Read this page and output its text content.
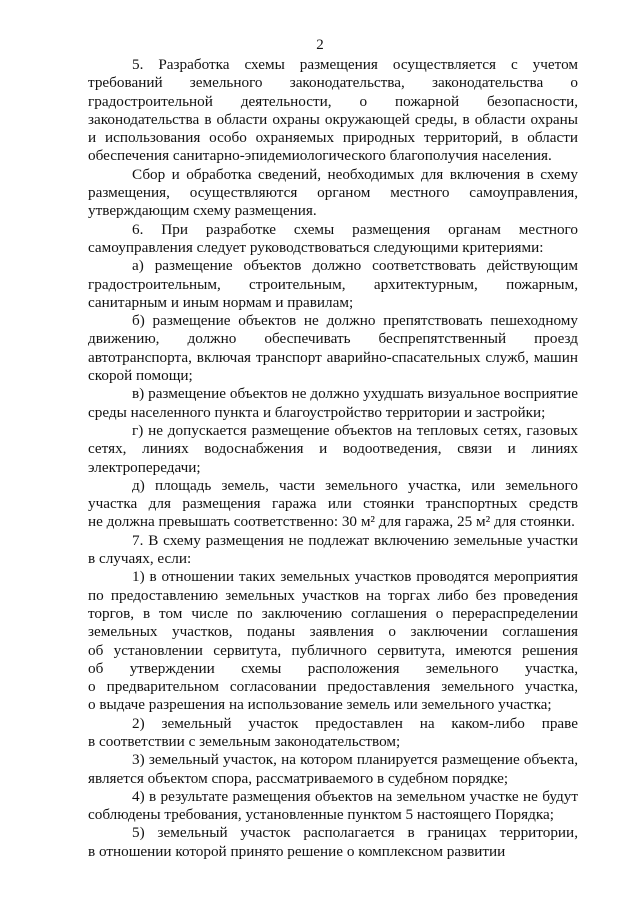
2
5. Разработка схемы размещения осуществляется с учетом
требований земельного законодательства, законодательства о
градостроительной деятельности, о пожарной безопасности,
законодательства в области охраны окружающей среды, в области охраны
и использования особо охраняемых природных территорий, в области
обеспечения санитарно-эпидемиологического благополучия населения.
Сбор и обработка сведений, необходимых для включения в схему
размещения, осуществляются органом местного самоуправления,
утверждающим схему размещения.
6. При разработке схемы размещения органам местного
самоуправления следует руководствоваться следующими критериями:
а) размещение объектов должно соответствовать действующим
градостроительным, строительным, архитектурным, пожарным,
санитарным и иным нормам и правилам;
б) размещение объектов не должно препятствовать пешеходному
движению, должно обеспечивать беспрепятственный проезд
автотранспорта, включая транспорт аварийно-спасательных служб, машин
скорой помощи;
в) размещение объектов не должно ухудшать визуальное восприятие
среды населенного пункта и благоустройство территории и застройки;
г) не допускается размещение объектов на тепловых сетях, газовых
сетях, линиях водоснабжения и водоотведения, связи и линиях
электропередачи;
д) площадь земель, части земельного участка, или земельного
участка для размещения гаража или стоянки транспортных средств
не должна превышать соответственно: 30 м² для гаража, 25 м² для стоянки.
7. В схему размещения не подлежат включению земельные участки
в случаях, если:
1) в отношении таких земельных участков проводятся мероприятия
по предоставлению земельных участков на торгах либо без проведения
торгов, в том числе по заключению соглашения о перераспределении
земельных участков, поданы заявления о заключении соглашения
об установлении сервитута, публичного сервитута, имеются решения
об утверждении схемы расположения земельного участка,
о предварительном согласовании предоставления земельного участка,
о выдаче разрешения на использование земель или земельного участка;
2) земельный участок предоставлен на каком-либо праве
в соответствии с земельным законодательством;
3) земельный участок, на котором планируется размещение объекта,
является объектом спора, рассматриваемого в судебном порядке;
4) в результате размещения объектов на земельном участке не будут
соблюдены требования, установленные пунктом 5 настоящего Порядка;
5) земельный участок располагается в границах территории,
в отношении которой принято решение о комплексном развитии
